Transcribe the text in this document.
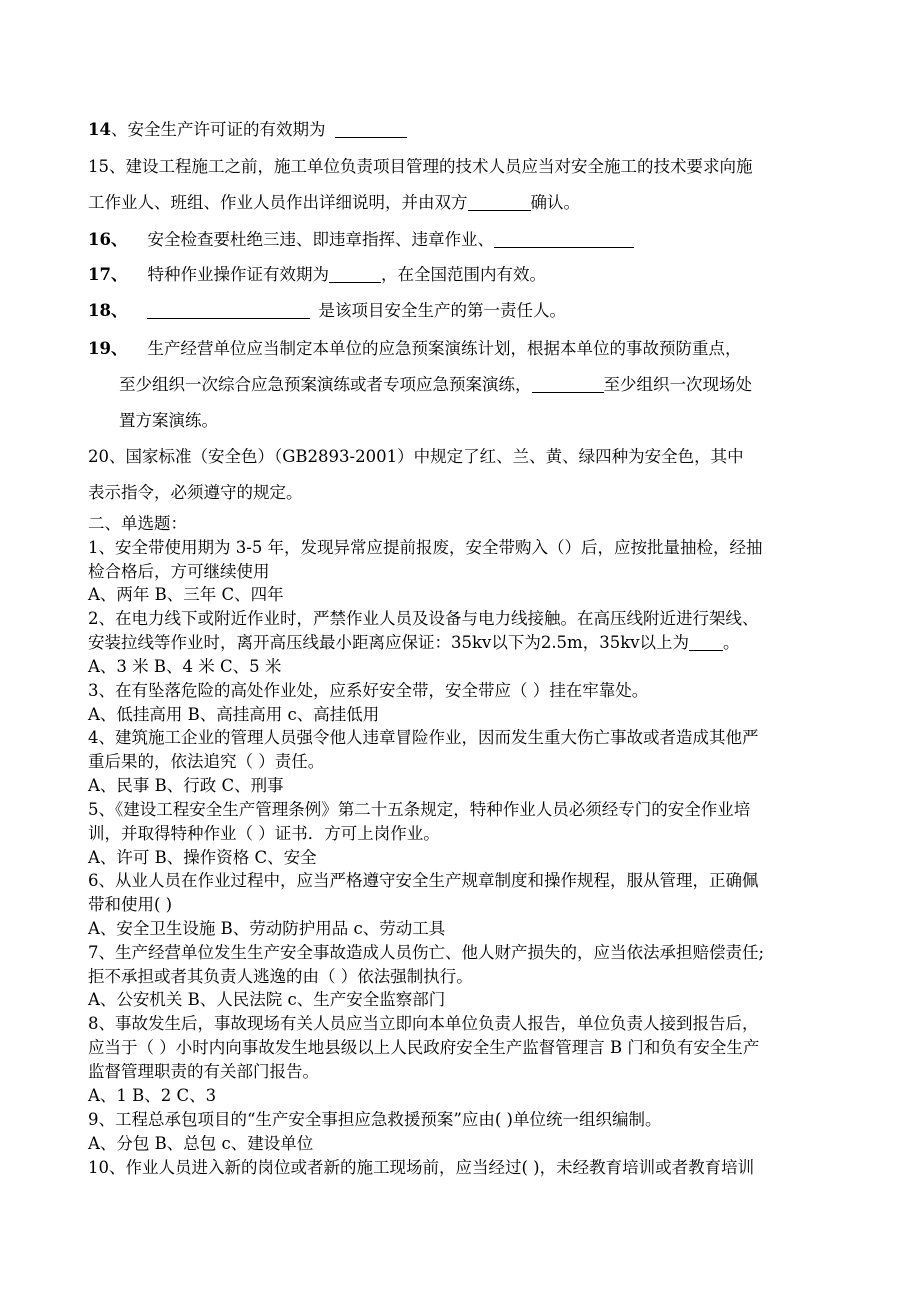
14、安全生产许可证的有效期为
15、建设工程施工之前，施工单位负责项目管理的技术人员应当对安全施工的技术要求向施
工作业人、班组、作业人员作出详细说明，并由双方	确认。
16、 安全检查要杜绝三违、即违章指挥、违章作业、
17、 特种作业操作证有效期为	，在全国范围内有效。
18、	是该项目安全生产的第一责任人。
19、 生产经营单位应当制定本单位的应急预案演练计划，根据本单位的事故预防重点，
至少组织一次综合应急预案演练或者专项应急预案演练，	至少组织一次现场处
置方案演练。
20、国家标准（安全色）（GB2893-2001）中规定了红、兰、黄、绿四种为安全色，其中
表示指令，必须遵守的规定。
二、单选题：
1、安全带使用期为 3-5 年，发现异常应提前报废，安全带购入（）后，应按批量抽检，经抽
检合格后，方可继续使用
A、两年 B、三年 C、四年
2、在电力线下或附近作业时，严禁作业人员及设备与电力线接触。在高压线附近进行架线、
安装拉线等作业时，离开高压线最小距离应保证：35kv以下为2.5m，35kv以上为 。
A、3 米 B、4 米 C、5 米
3、在有坠落危险的高处作业处，应系好安全带，安全带应（ ）挂在牢靠处。
A、低挂高用 B、高挂高用 c、高挂低用
4、建筑施工企业的管理人员强令他人违章冒险作业，因而发生重大伤亡事故或者造成其他严
重后果的，依法追究（ ）责任。
A、民事 B、行政 C、刑事
5、《建设工程安全生产管理条例》第二十五条规定，特种作业人员必须经专门的安全作业培
训，并取得特种作业（ ）证书．方可上岗作业。
A、许可 B、操作资格 C、安全
6、从业人员在作业过程中，应当严格遵守安全生产规章制度和操作规程，服从管理，正确佩
带和使用( )
A、安全卫生设施 B、劳动防护用品 c、劳动工具
7、生产经营单位发生生产安全事故造成人员伤亡、他人财产损失的，应当依法承担赔偿责任;
拒不承担或者其负责人逃逸的由（ ）依法强制执行。
A、公安机关 B、人民法院 c、生产安全监察部门
8、事故发生后，事故现场有关人员应当立即向本单位负责人报告，单位负责人接到报告后，
应当于（ ）小时内向事故发生地县级以上人民政府安全生产监督管理言 B 门和负有安全生产
监督管理职责的有关部门报告。
A、1 B、2 C、3
9、工程总承包项目的“生产安全事担应急救援预案”应由( )单位统一组织编制。
A、分包 B、总包 c、建设单位
10、作业人员进入新的岗位或者新的施工现场前，应当经过( )，未经教育培训或者教育培训
